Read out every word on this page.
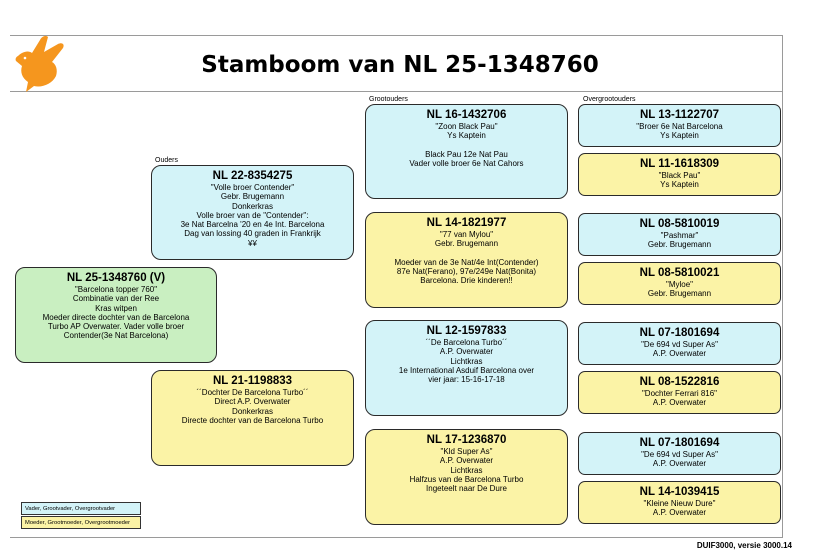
Stamboom van NL 25-1348760
Ouders
Grootouders	Overgrootouders
NL 25-1348760 (V)
"Barcelona topper 760"
Combinatie van der Ree
Kras witpen
Moeder directe dochter van de Barcelona
Turbo AP Overwater. Vader volle broer
Contender(3e Nat Barcelona)
NL 22-8354275
"Volle broer Contender"
Gebr. Brugemann
Donkerkras
Volle broer van de "Contender":
3e Nat Barcelna '20 en 4e Int. Barcelona
Dag van lossing 40 graden in Frankrijk
¥¥
NL 21-1198833
´´Dochter De Barcelona Turbo´´
Direct A.P. Overwater
Donkerkras
Directe dochter van de Barcelona Turbo
NL 16-1432706
"Zoon Black Pau"
Ys Kaptein
Black Pau 12e Nat Pau
Vader volle broer 6e Nat Cahors
NL 14-1821977
"77 van Mylou"
Gebr. Brugemann
Moeder van de 3e Nat/4e Int(Contender)
87e Nat(Ferano), 97e/249e Nat(Bonita)
Barcelona. Drie kinderen!!
NL 12-1597833
´´De Barcelona Turbo´´
A.P. Overwater
Lichtkras
1e International Asduif Barcelona over
vier jaar: 15-16-17-18
NL 17-1236870
"Kld Super As"
A.P. Overwater
Lichtkras
Halfzus van de Barcelona Turbo
Ingeteelt naar De Dure
NL 13-1122707
"Broer 6e Nat Barcelona
Ys Kaptein
NL 11-1618309
"Black Pau"
Ys Kaptein
NL 08-5810019
"Pashmar"
Gebr. Brugemann
NL 08-5810021
"Myloe"
Gebr. Brugemann
NL 07-1801694
"De 694 vd Super As"
A.P. Overwater
NL 08-1522816
"Dochter Ferrari 816"
A.P. Overwater
NL 07-1801694
"De 694 vd Super As"
A.P. Overwater
NL 14-1039415
"Kleine Nieuw Dure"
A.P. Overwater
Vader, Grootvader, Overgrootvader
Moeder, Grootmoeder, Overgrootmoeder
DUIF3000, versie 3000.14
